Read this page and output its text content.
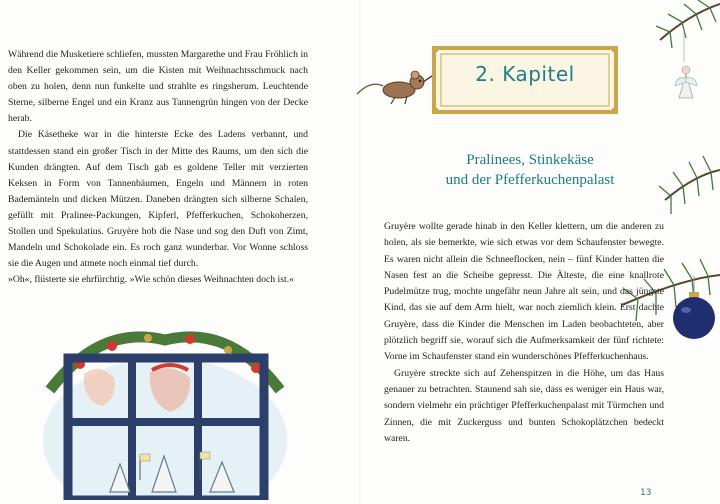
Während die Musketiere schliefen, mussten Margarethe und Frau Fröhlich in den Keller gekommen sein, um die Kisten mit Weihnachtsschmuck nach oben zu holen, denn nun funkelte und strahlte es ringsherum. Leuchtende Sterne, silberne Engel und ein Kranz aus Tannengrün hingen von der Decke herab.

Die Käsetheke war in die hinterste Ecke des Ladens verbannt, und stattdessen stand ein großer Tisch in der Mitte des Raums, um den sich die Kunden drängten. Auf dem Tisch gab es goldene Teller mit verzierten Keksen in Form von Tannenbäumen, Engeln und Männern in roten Bademänteln und dicken Mützen. Daneben drängten sich silberne Schalen, gefüllt mit Pralinee-Packungen, Kipferl, Pfefferkuchen, Schokoherzen, Stollen und Spekulatius. Gruyère hob die Nase und sog den Duft von Zimt, Mandeln und Schokolade ein. Es roch ganz wunderbar. Vor Wonne schloss sie die Augen und atmete noch einmal tief durch.

»Oh«, flüsterte sie ehrfürchtig. »Wie schön dieses Weihnachten doch ist.«

2. Kapitel
Pralinees, Stinkekäse
und der Pfefferkuchenpalast

Gruyère wollte gerade hinab in den Keller klettern, um die anderen zu holen, als sie bemerkte, wie sich etwas vor dem Schaufenster bewegte. Es waren nicht allein die Schneeflocken, nein – fünf Kinder hatten die Nasen fest an die Scheibe gepresst. Die Älteste, die eine knallrote Pudelmütze trug, mochte ungefähr neun Jahre alt sein, und das jüngste Kind, das sie auf dem Arm hielt, war noch ziemlich klein. Erst dachte Gruyère, dass die Kinder die Menschen im Laden beobachteten, aber plötzlich begriff sie, worauf sich die Aufmerksamkeit der fünf richtete: Vorne im Schaufenster stand ein wunderschönes Pfefferkuchenhaus.

Gruyère streckte sich auf Zehenspitzen in die Höhe, um das Haus genauer zu betrachten. Staunend sah sie, dass es weniger ein Haus war, sondern vielmehr ein prächtiger Pfefferkuchenpalast mit Türmchen und Zinnen, die mit Zuckerguss und bunten Schokoplätzchen bedeckt waren.

13
